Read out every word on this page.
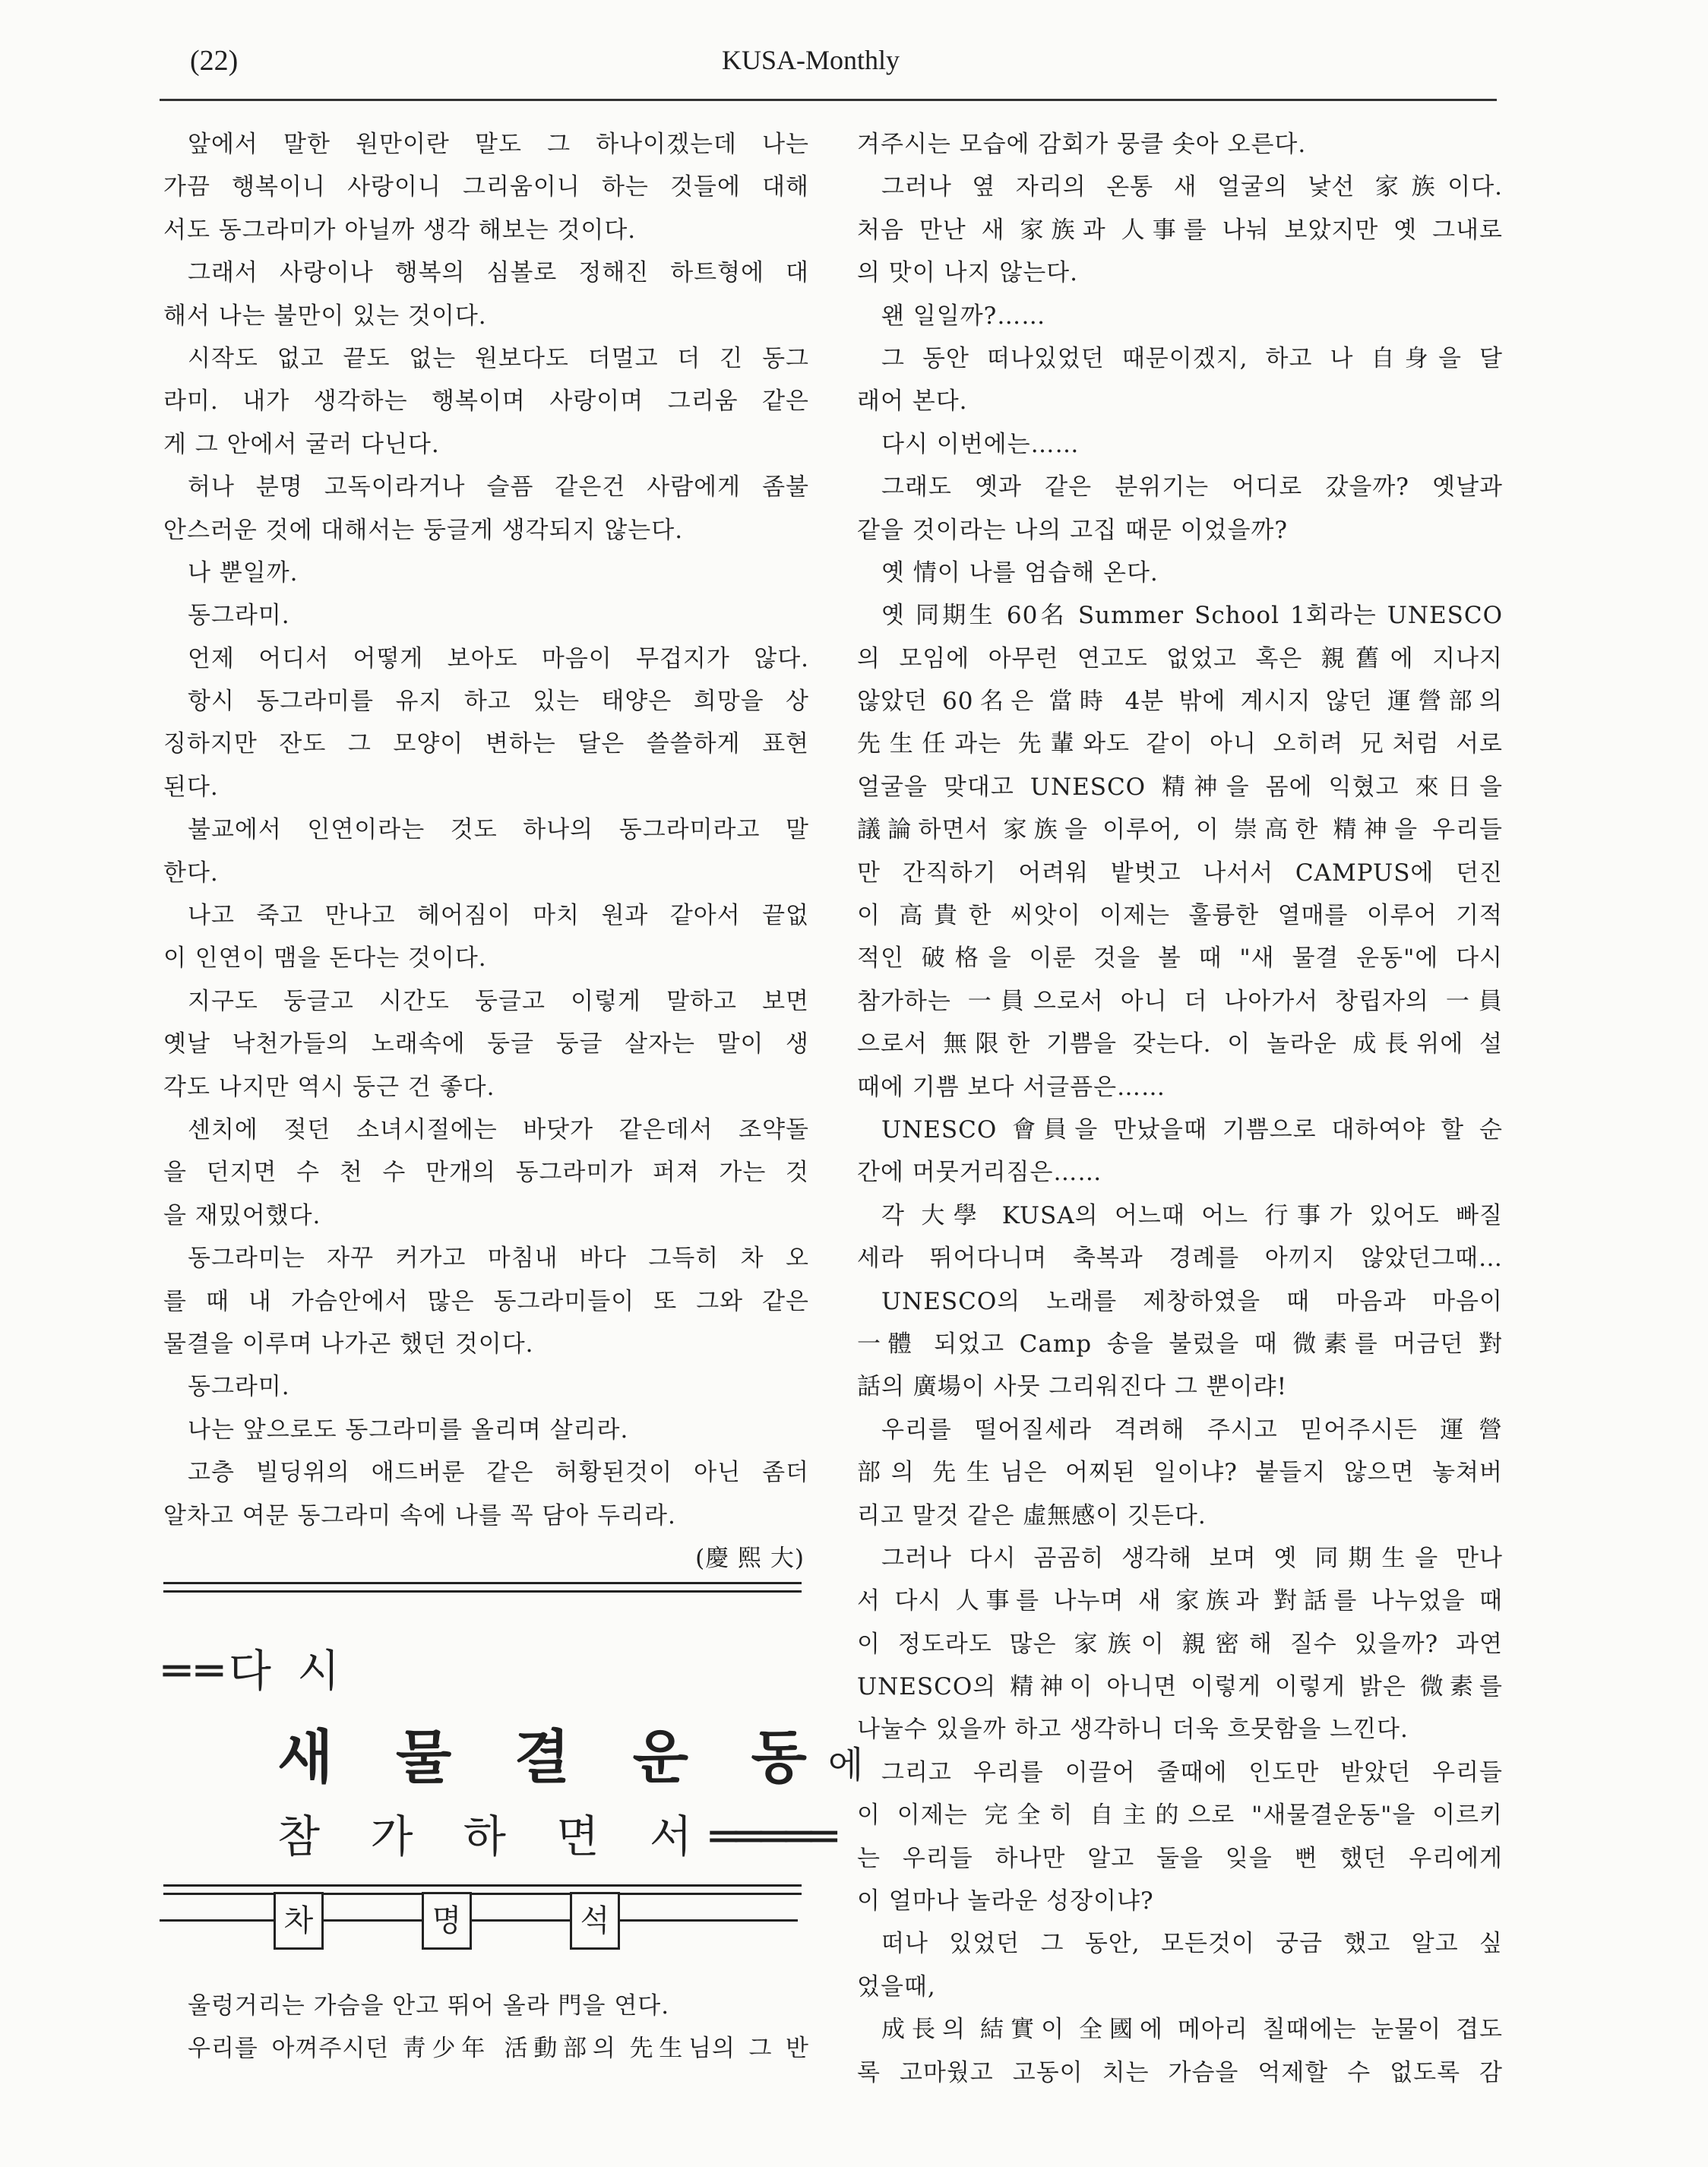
(22)	KUSA-Monthly
앞에서 말한 원만이란 말도 그 하나이겠는데 나는
가끔 행복이니 사랑이니 그리움이니 하는 것들에 대해
서도 동그라미가 아닐까 생각 해보는 것이다.
그래서 사랑이나 행복의 심볼로 정해진 하트형에 대
해서 나는 불만이 있는 것이다.
시작도 없고 끝도 없는 원보다도 더멀고 더 긴 동그
라미. 내가 생각하는 행복이며 사랑이며 그리움 같은
게 그 안에서 굴러 다닌다.
허나 분명 고독이라거나 슬픔 같은건 사람에게 좀불
안스러운 것에 대해서는 둥글게 생각되지 않는다.
나 뿐일까.
동그라미.
언제 어디서 어떻게 보아도 마음이 무겁지가 않다.
항시 동그라미를 유지 하고 있는 태양은 희망을 상
징하지만 잔도 그 모양이 변하는 달은 쓸쓸하게 표현
된다.
불교에서 인연이라는 것도 하나의 동그라미라고 말
한다.
나고 죽고 만나고 헤어짐이 마치 원과 같아서 끝없
이 인연이 맴을 돈다는 것이다.
지구도 둥글고 시간도 둥글고 이렇게 말하고 보면
옛날 낙천가들의 노래속에 둥글 둥글 살자는 말이 생
각도 나지만 역시 둥근 건 좋다.
센치에 젖던 소녀시절에는 바닷가 같은데서 조약돌
을 던지면 수 천 수 만개의 동그라미가 퍼져 가는 것
을 재밌어했다.
동그라미는 자꾸 커가고 마침내 바다 그득히 차 오
를 때 내 가슴안에서 많은 동그라미들이 또 그와 같은
물결을 이루며 나가곤 했던 것이다.
동그라미.
나는 앞으로도 동그라미를 올리며 살리라.
고층 빌딩위의 애드버룬 같은 허황된것이 아닌 좀더
알차고 여문 동그라미 속에 나를 꼭 담아 두리라.
(慶 熙 大)
══다 시
새 물 결 운 동에
참 가 하 면 서═════
차	명	석
울렁거리는 가슴을 안고 뛰어 올라 門을 연다.
우리를 아껴주시던 靑少年 活動部의 先生님의 그 반
겨주시는 모습에 감회가 뭉클 솟아 오른다.
그러나 옆 자리의 온통 새 얼굴의 낯선 家族이다.
처음 만난 새 家族과 人事를 나눠 보았지만 옛 그내로
의 맛이 나지 않는다.
왠 일일까?……
그 동안 떠나있었던 때문이겠지, 하고 나 自身을 달
래어 본다.
다시 이번에는……
그래도 옛과 같은 분위기는 어디로 갔을까? 옛날과
같을 것이라는 나의 고집 때문 이었을까?
옛 情이 나를 엄습해 온다.
옛 同期生 60名 Summer School 1회라는 UNESCO
의 모임에 아무런 연고도 없었고 혹은 親舊에 지나지
않았던 60名은 當時 4분 밖에 계시지 않던 運營部의
先生任과는 先輩와도 같이 아니 오히려 兄처럼 서로
얼굴을 맞대고 UNESCO 精神을 몸에 익혔고 來日을
議論하면서 家族을 이루어, 이 崇高한 精神을 우리들
만 간직하기 어려워 밭벗고 나서서 CAMPUS에 던진
이 高貴한 씨앗이 이제는 훌륭한 열매를 이루어 기적
적인 破格을 이룬 것을 볼 때 "새 물결 운동"에 다시
참가하는 一員으로서 아니 더 나아가서 창립자의 一員
으로서 無限한 기쁨을 갖는다. 이 놀라운 成長위에 설
때에 기쁨 보다 서글픔은……
UNESCO 會員을 만났을때 기쁨으로 대하여야 할 순
간에 머뭇거리짐은……
각 大學 KUSA의 어느때 어느 行事가 있어도 빠질
세라 뛰어다니며 축복과 경례를 아끼지 않았던그때…
UNESCO의 노래를 제창하였을 때 마음과 마음이
一體 되었고 Camp 송을 불렀을 때 微素를 머금던 對
話의 廣場이 사뭇 그리워진다 그 뿐이랴!
우리를 떨어질세라 격려해 주시고 믿어주시든 運營
部의 先生님은 어찌된 일이냐? 붙들지 않으면 놓쳐버
리고 말것 같은 虛無感이 깃든다.
그러나 다시 곰곰히 생각해 보며 옛 同期生을 만나
서 다시 人事를 나누며 새 家族과 對話를 나누었을 때
이 정도라도 많은 家族이 親密해 질수 있을까? 과연
UNESCO의 精神이 아니면 이렇게 이렇게 밝은 微素를
나눌수 있을까 하고 생각하니 더욱 흐뭇함을 느낀다.
그리고 우리를 이끌어 줄때에 인도만 받았던 우리들
이 이제는 完全히 自主的으로 "새물결운동"을 이르키
는 우리들 하나만 알고 둘을 잊을 뻔 했던 우리에게
이 얼마나 놀라운 성장이냐?
떠나 있었던 그 동안, 모든것이 궁금 했고 알고 싶
었을때,
成長의 結實이 全國에 메아리 칠때에는 눈물이 겹도
록 고마웠고 고동이 치는 가슴을 억제할 수 없도록 감
